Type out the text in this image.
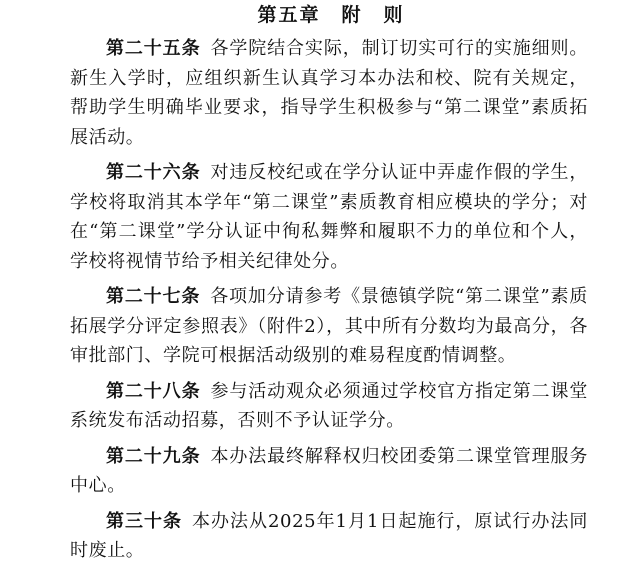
第五章　附　则

第二十五条 各学院结合实际，制订切实可行的实施细则。新生入学时，应组织新生认真学习本办法和校、院有关规定，帮助学生明确毕业要求，指导学生积极参与“第二课堂”素质拓展活动。

第二十六条 对违反校纪或在学分认证中弄虚作假的学生，学校将取消其本学年“第二课堂”素质教育相应模块的学分；对在“第二课堂”学分认证中徇私舞弊和履职不力的单位和个人，学校将视情节给予相关纪律处分。

第二十七条 各项加分请参考《景德镇学院“第二课堂”素质拓展学分评定参照表》（附件2），其中所有分数均为最高分，各审批部门、学院可根据活动级别的难易程度酌情调整。

第二十八条 参与活动观众必须通过学校官方指定第二课堂系统发布活动招募，否则不予认证学分。

第二十九条 本办法最终解释权归校团委第二课堂管理服务中心。

第三十条 本办法从2025年1月1日起施行，原试行办法同时废止。
